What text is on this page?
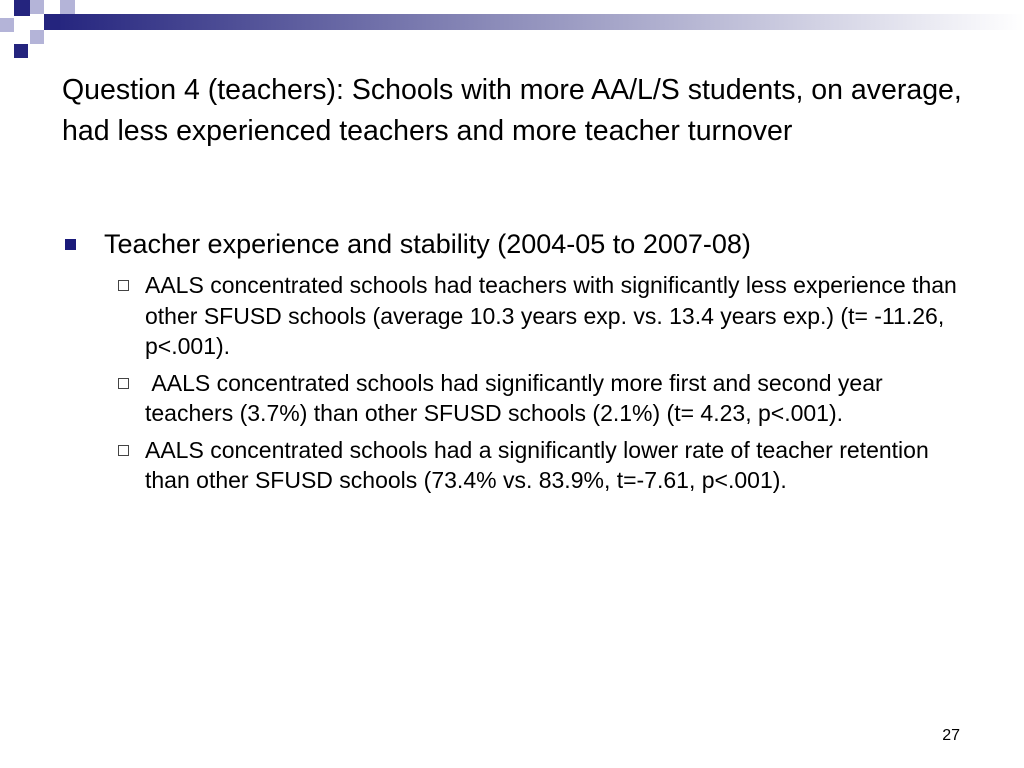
Question 4 (teachers): Schools with more AA/L/S students, on average, had less experienced teachers and more teacher turnover
Teacher experience and stability (2004-05 to 2007-08)
AALS concentrated schools had teachers with significantly less experience than other SFUSD schools (average 10.3 years exp. vs. 13.4 years exp.) (t= -11.26, p<.001).
AALS concentrated schools had significantly more first and second year teachers (3.7%) than other SFUSD schools (2.1%) (t= 4.23, p<.001).
AALS concentrated schools had a significantly lower rate of teacher retention than other SFUSD schools (73.4% vs. 83.9%, t=-7.61, p<.001).
27
